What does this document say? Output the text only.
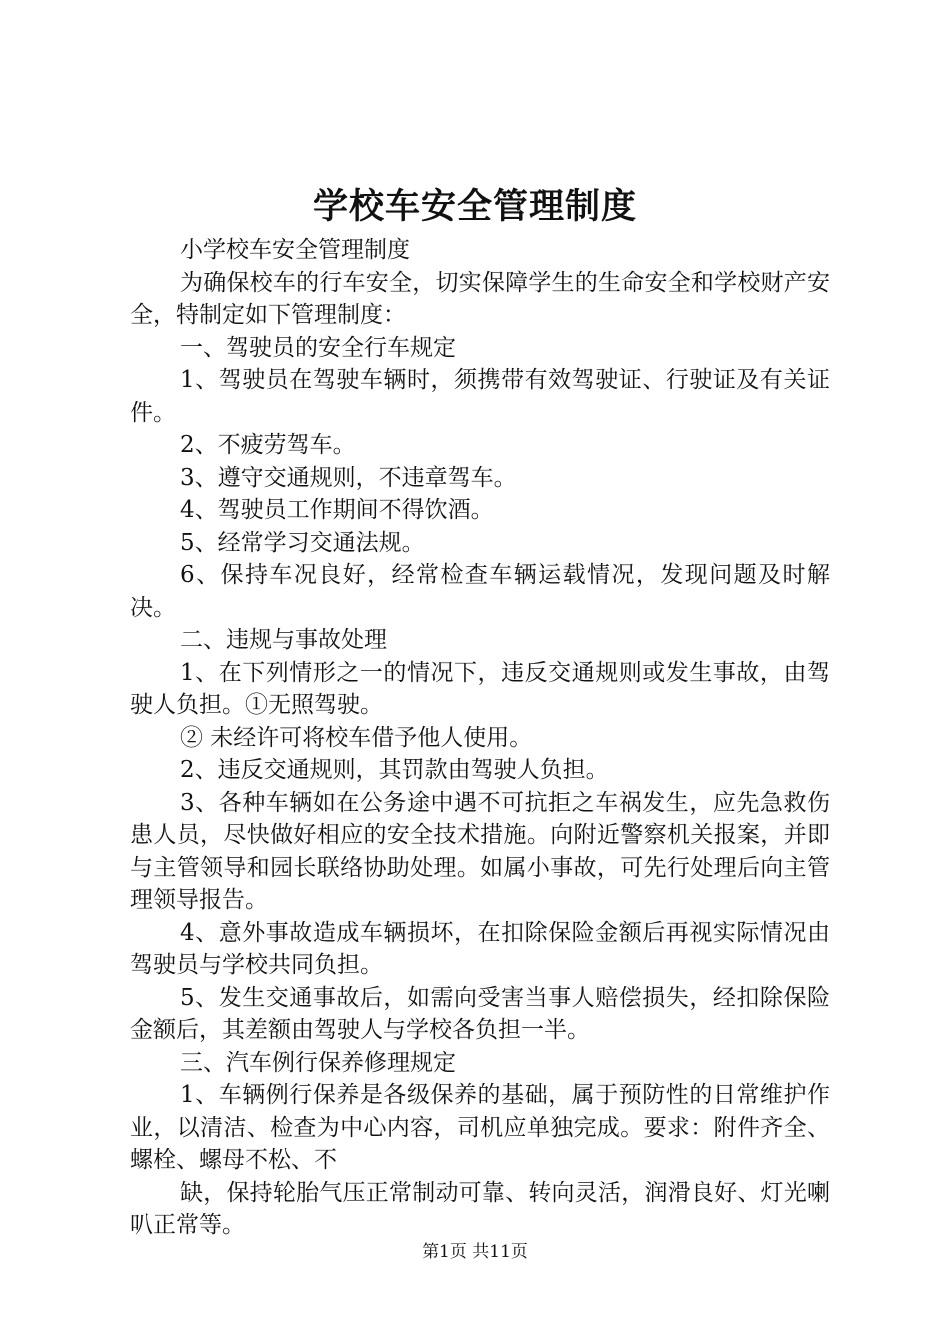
学校车安全管理制度

小学校车安全管理制度

为确保校车的行车安全，切实保障学生的生命安全和学校财产安全，特制定如下管理制度：

一、驾驶员的安全行车规定

1、驾驶员在驾驶车辆时，须携带有效驾驶证、行驶证及有关证件。

2、不疲劳驾车。

3、遵守交通规则，不违章驾车。

4、驾驶员工作期间不得饮酒。

5、经常学习交通法规。

6、保持车况良好，经常检查车辆运载情况，发现问题及时解决。

二、违规与事故处理

1、在下列情形之一的情况下，违反交通规则或发生事故，由驾驶人负担。①无照驾驶。

② 未经许可将校车借予他人使用。

2、违反交通规则，其罚款由驾驶人负担。

3、各种车辆如在公务途中遇不可抗拒之车祸发生，应先急救伤患人员，尽快做好相应的安全技术措施。向附近警察机关报案，并即与主管领导和园长联络协助处理。如属小事故，可先行处理后向主管理领导报告。

4、意外事故造成车辆损坏，在扣除保险金额后再视实际情况由驾驶员与学校共同负担。

5、发生交通事故后，如需向受害当事人赔偿损失，经扣除保险金额后，其差额由驾驶人与学校各负担一半。

三、汽车例行保养修理规定

1、车辆例行保养是各级保养的基础，属于预防性的日常维护作业，以清洁、检查为中心内容，司机应单独完成。要求：附件齐全、螺栓、螺母不松、不

缺，保持轮胎气压正常制动可靠、转向灵活，润滑良好、灯光喇叭正常等。

第1页 共11页
